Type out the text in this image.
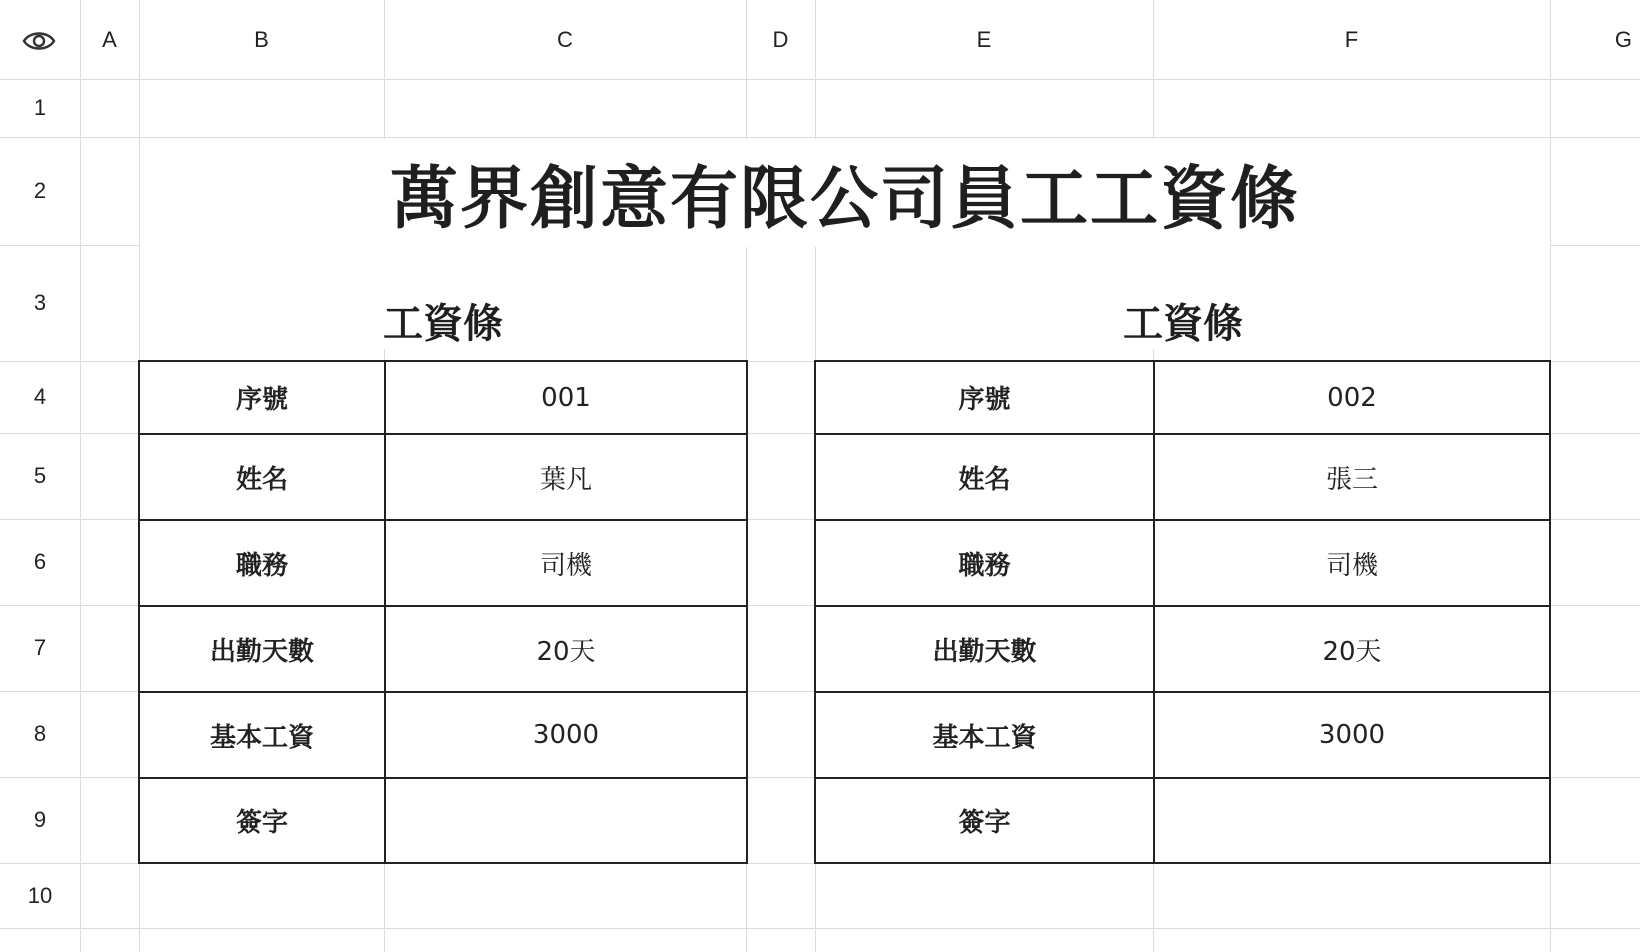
A	B	C	D	E	F	G
1
2
3
4
5
6
7
8
9
10
萬界創意有限公司員工工資條
工資條	工資條
序號	001
姓名	葉凡
職務	司機
出勤天數	20天
基本工資	3000
簽字
序號	002
姓名	張三
職務	司機
出勤天數	20天
基本工資	3000
簽字
